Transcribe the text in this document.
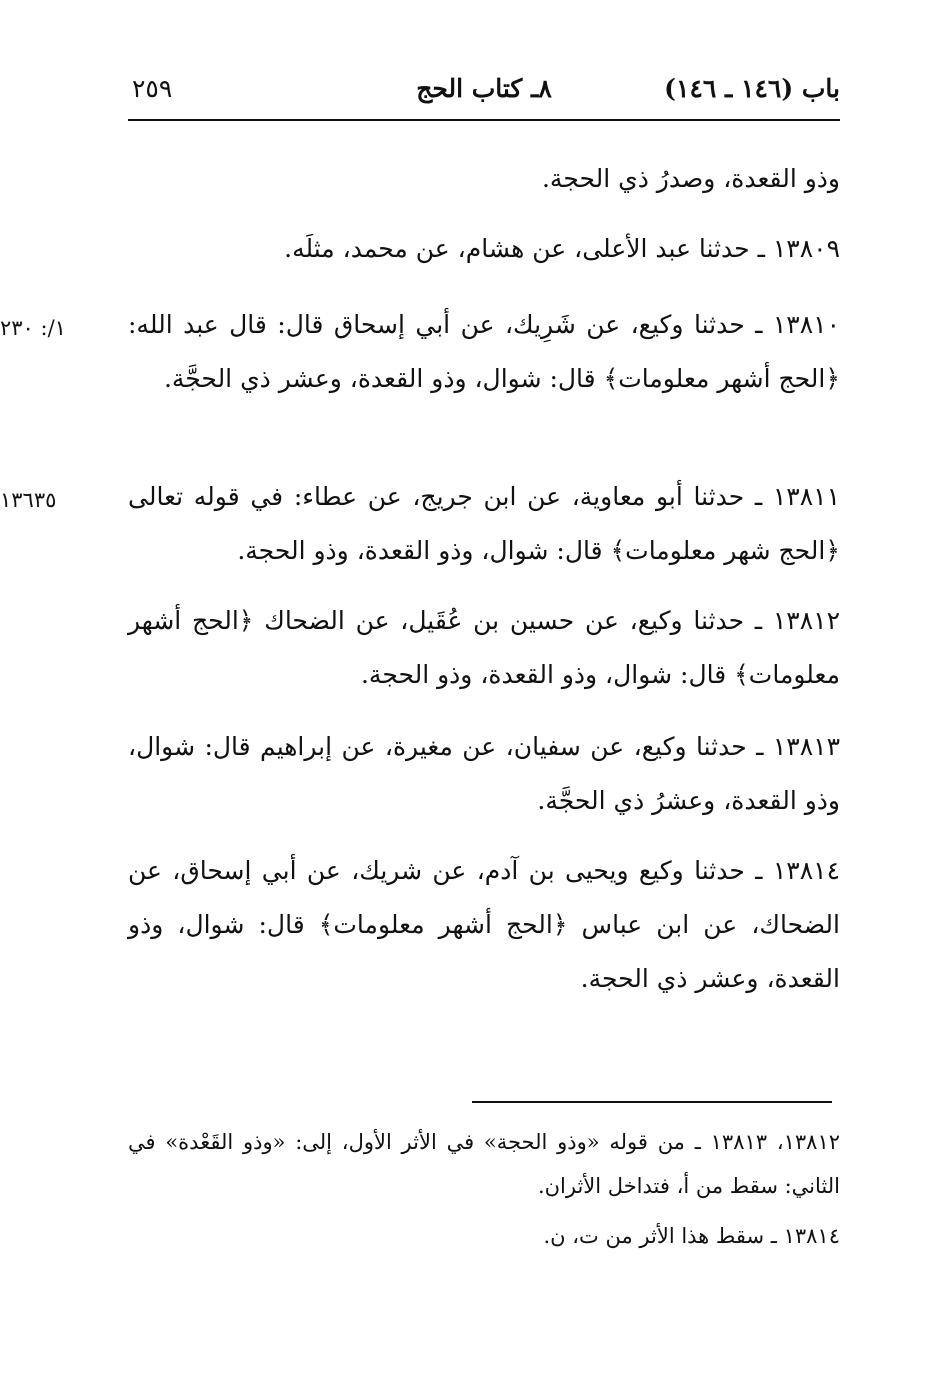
٢٥٩	٨ـ كتاب الحج	باب (١٤٦ ـ ١٤٦)
وذو القعدة، وصدرُ ذي الحجة.
١٣٨٠٩ ـ حدثنا عبد الأعلى، عن هشام، عن محمد، مثلَه.
١/: ٢٣٠	١٣٨١٠ ـ حدثنا وكيع، عن شَرِيك، عن أبي إسحاق قال: قال عبد الله: ﴿الحج أشهر معلومات﴾ قال: شوال، وذو القعدة، وعشر ذي الحجَّة.
١٣٦٣٥	١٣٨١١ ـ حدثنا أبو معاوية، عن ابن جريج، عن عطاء: في قوله تعالى ﴿الحج شهر معلومات﴾ قال: شوال، وذو القعدة، وذو الحجة.
١٣٨١٢ ـ حدثنا وكيع، عن حسين بن عُقَيل، عن الضحاك ﴿الحج أشهر معلومات﴾ قال: شوال، وذو القعدة، وذو الحجة.
١٣٨١٣ ـ حدثنا وكيع، عن سفيان، عن مغيرة، عن إبراهيم قال: شوال، وذو القعدة، وعشرُ ذي الحجَّة.
١٣٨١٤ ـ حدثنا وكيع ويحيى بن آدم، عن شريك، عن أبي إسحاق، عن الضحاك، عن ابن عباس ﴿الحج أشهر معلومات﴾ قال: شوال، وذو القعدة، وعشر ذي الحجة.
١٣٨١٢، ١٣٨١٣ ـ من قوله «وذو الحجة» في الأثر الأول، إلى: «وذو القَعْدة» في الثاني: سقط من أ، فتداخل الأثران.
١٣٨١٤ ـ سقط هذا الأثر من ت، ن.
